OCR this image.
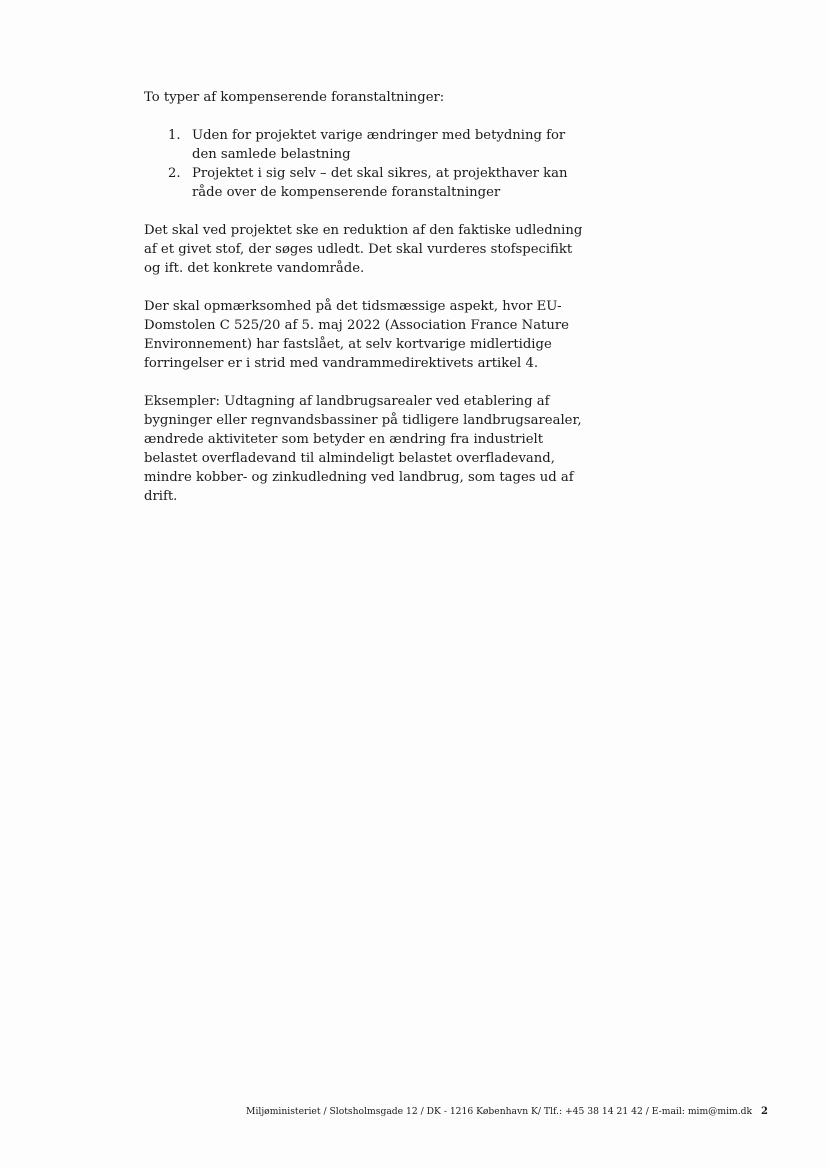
To typer af kompenserende foranstaltninger:

1. Uden for projektet varige ændringer med betydning for den samlede belastning
2. Projektet i sig selv – det skal sikres, at projekthaver kan råde over de kompenserende foranstaltninger

Det skal ved projektet ske en reduktion af den faktiske udledning af et givet stof, der søges udledt. Det skal vurderes stofspecifikt og ift. det konkrete vandområde.

Der skal opmærksomhed på det tidsmæssige aspekt, hvor EU-Domstolen C 525/20 af 5. maj 2022 (Association France Nature Environnement) har fastslået, at selv kortvarige midlertidige forringelser er i strid med vandrammedirektivets artikel 4.

Eksempler: Udtagning af landbrugsarealer ved etablering af bygninger eller regnvandsbassiner på tidligere landbrugsarealer, ændrede aktiviteter som betyder en ændring fra industrielt belastet overfladevand til almindeligt belastet overfladevand, mindre kobber- og zinkudledning ved landbrug, som tages ud af drift.

Miljøministeriet / Slotsholmsgade 12 / DK - 1216 København K/ Tlf.: +45 38 14 21 42 / E-mail: mim@mim.dk 2
